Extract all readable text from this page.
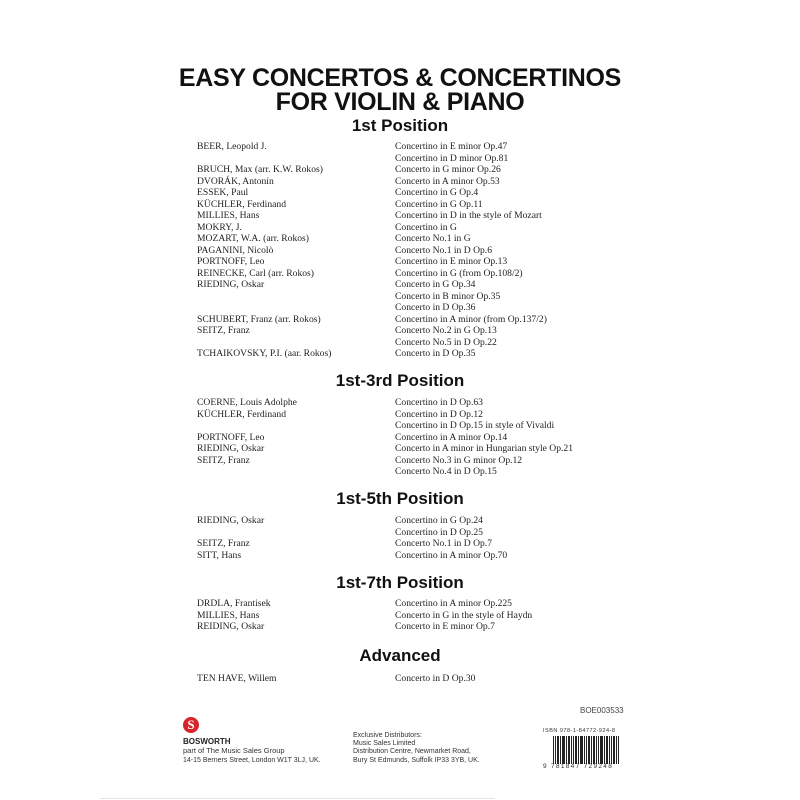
EASY CONCERTOS & CONCERTINOS
FOR VIOLIN & PIANO
1st Position
BEER, Leopold J.	Concertino in E minor Op.47
Concertino in D minor Op.81
BRUCH, Max (arr. K.W. Rokos)	Concerto in G minor Op.26
DVORÁK, Antonín	Concerto in A minor Op.53
ESSEK, Paul	Concertino in G Op.4
KÜCHLER, Ferdinand	Concertino in G Op.11
MILLIES, Hans	Concertino in D in the style of Mozart
MOKRY, J.	Concertino in G
MOZART, W.A. (arr. Rokos)	Concerto No.1 in G
PAGANINI, Nicolò	Concerto No.1 in D Op.6
PORTNOFF, Leo	Concertino in E minor Op.13
REINECKE, Carl (arr. Rokos)	Concertino in G (from Op.108/2)
RIEDING, Oskar	Concerto in G Op.34
Concerto in B minor Op.35
Concerto in D Op.36
SCHUBERT, Franz (arr. Rokos)	Concertino in A minor (from Op.137/2)
SEITZ, Franz	Concerto No.2 in G Op.13
Concerto No.5 in D Op.22
TCHAIKOVSKY, P.I. (aar. Rokos)	Concerto in D Op.35
1st-3rd Position
COERNE, Louis Adolphe	Concertino in D Op.63
KÜCHLER, Ferdinand	Concertino in D Op.12
Concertino in D Op.15 in style of Vivaldi
PORTNOFF, Leo	Concertino in A minor Op.14
RIEDING, Oskar	Concerto in A minor in Hungarian style Op.21
SEITZ, Franz	Concerto No.3 in G minor Op.12
Concerto No.4 in D Op.15
1st-5th Position
RIEDING, Oskar	Concertino in G Op.24
Concertino in D Op.25
SEITZ, Franz	Concerto No.1 in D Op.7
SITT, Hans	Concertino in A minor Op.70
1st-7th Position
DRDLA, Frantisek	Concertino in A minor Op.225
MILLIES, Hans	Concerto in G in the style of Haydn
REIDING, Oskar	Concerto in E minor Op.7
Advanced
TEN HAVE, Willem	Concerto in D Op.30
S
BOSWORTH
part of The Music Sales Group
14-15 Berners Street, London W1T 3LJ, UK.
Exclusive Distributors:
Music Sales Limited
Distribution Centre, Newmarket Road,
Bury St Edmunds, Suffolk IP33 3YB, UK.
BOE003533
ISBN 978-1-84772-924-8
9 781847 729248
